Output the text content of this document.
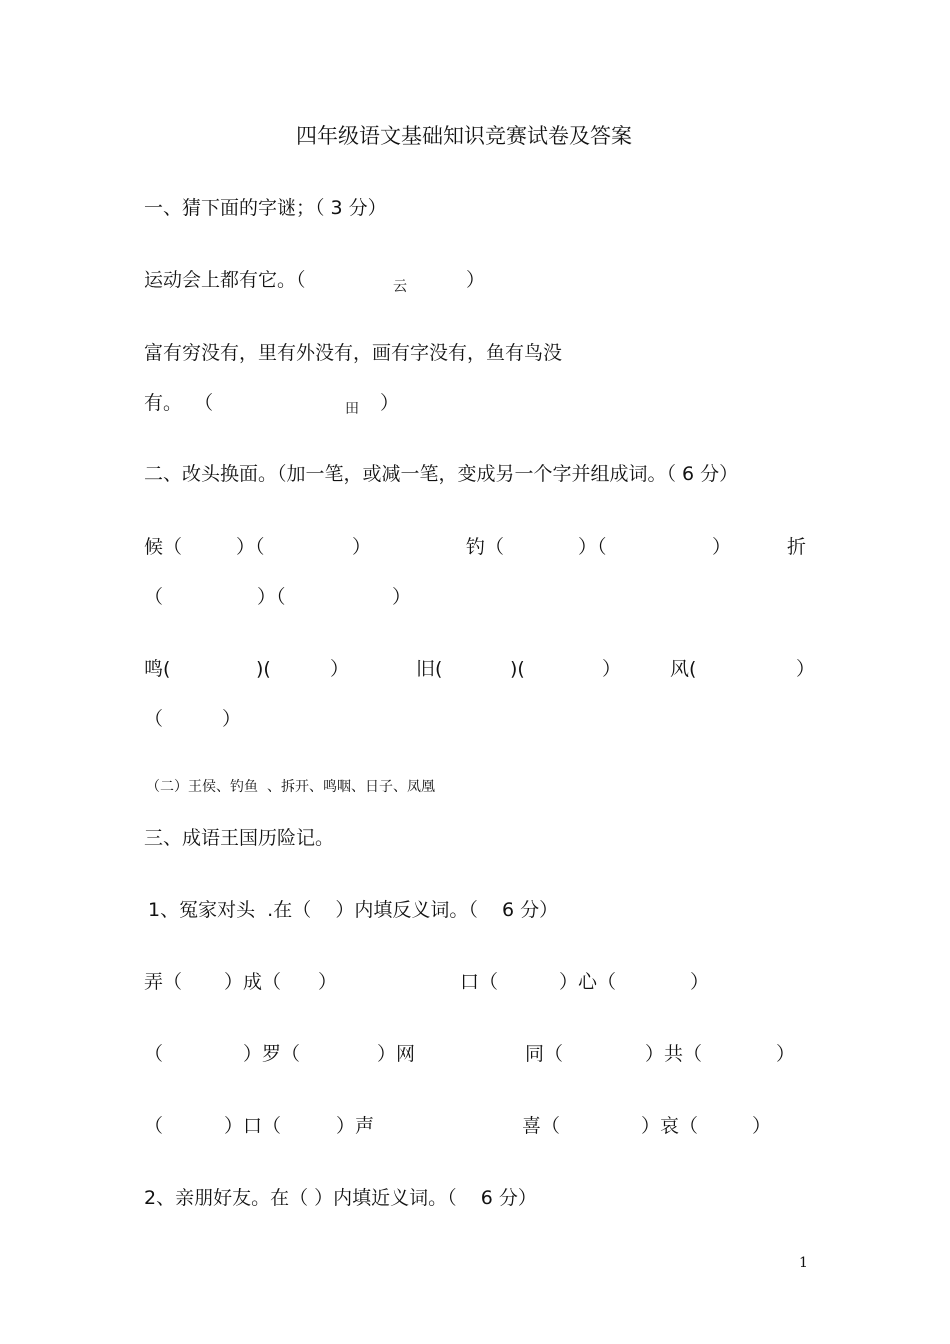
四年级语文基础知识竞赛试卷及答案
一、猜下面的字谜；（ 3 分）
运动会上都有它。（	云	）
富有穷没有，里有外没有，画有字没有，鱼有鸟没
有。  （	田 ）
二、改头换面。（加一笔，或减一笔，变成另一个字并组成词。（ 6 分）
候（	）（	）	钓（	）（	）	折
（	）（	）
鸣(	)(	）	旧(	)(	）	风(	）
（	）
（二）王侯、钓鱼 、拆开、鸣咽、日子、凤凰
三、成语王国历险记。
1、冤家对头  .在（    ）内填反义词。（    6 分）
弄（ ）成（ ）	口（	）心（	）
（	）罗（	）网	同（	）共（	）
（	）口（	）声	喜（	）哀（	）
2、亲朋好友。在（ ）内填近义词。（    6 分）
1
